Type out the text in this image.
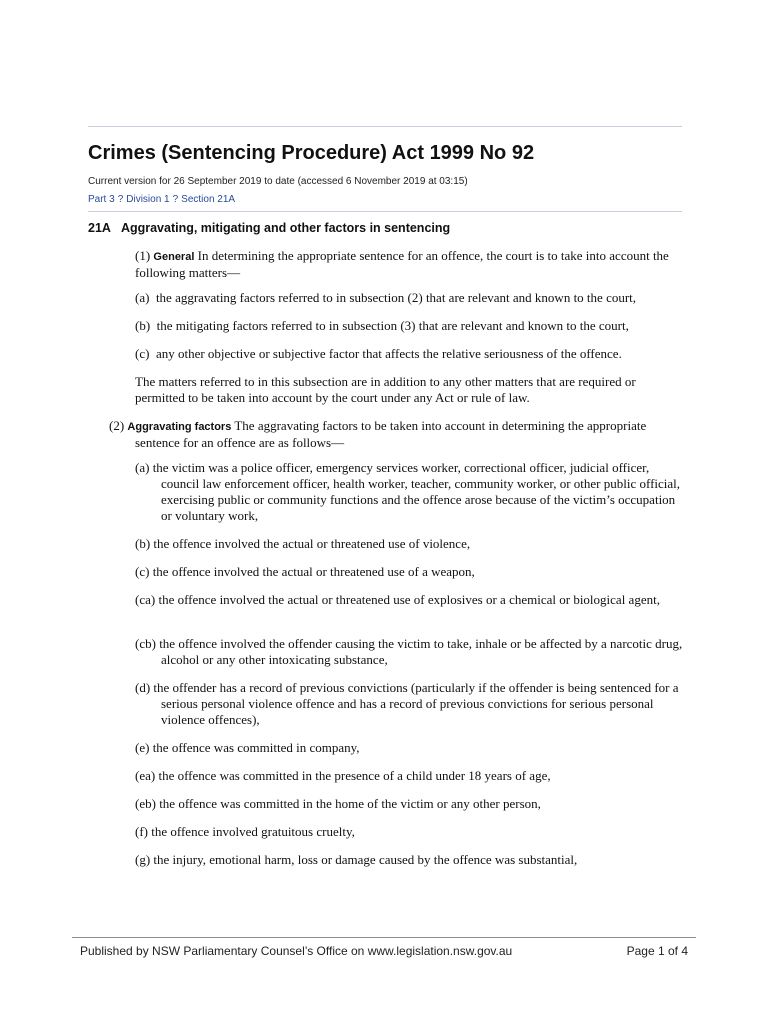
Crimes (Sentencing Procedure) Act 1999 No 92
Current version for 26 September 2019 to date (accessed 6 November 2019 at 03:15)
Part 3 ? Division 1 ? Section 21A
21A Aggravating, mitigating and other factors in sentencing
(1) General In determining the appropriate sentence for an offence, the court is to take into account the following matters—
(a) the aggravating factors referred to in subsection (2) that are relevant and known to the court,
(b) the mitigating factors referred to in subsection (3) that are relevant and known to the court,
(c) any other objective or subjective factor that affects the relative seriousness of the offence.
The matters referred to in this subsection are in addition to any other matters that are required or permitted to be taken into account by the court under any Act or rule of law.
(2) Aggravating factors The aggravating factors to be taken into account in determining the appropriate sentence for an offence are as follows—
(a) the victim was a police officer, emergency services worker, correctional officer, judicial officer, council law enforcement officer, health worker, teacher, community worker, or other public official, exercising public or community functions and the offence arose because of the victim’s occupation or voluntary work,
(b) the offence involved the actual or threatened use of violence,
(c) the offence involved the actual or threatened use of a weapon,
(ca) the offence involved the actual or threatened use of explosives or a chemical or biological agent,
(cb) the offence involved the offender causing the victim to take, inhale or be affected by a narcotic drug, alcohol or any other intoxicating substance,
(d) the offender has a record of previous convictions (particularly if the offender is being sentenced for a serious personal violence offence and has a record of previous convictions for serious personal violence offences),
(e) the offence was committed in company,
(ea) the offence was committed in the presence of a child under 18 years of age,
(eb) the offence was committed in the home of the victim or any other person,
(f) the offence involved gratuitous cruelty,
(g) the injury, emotional harm, loss or damage caused by the offence was substantial,
Published by NSW Parliamentary Counsel’s Office on www.legislation.nsw.gov.au	Page 1 of 4
